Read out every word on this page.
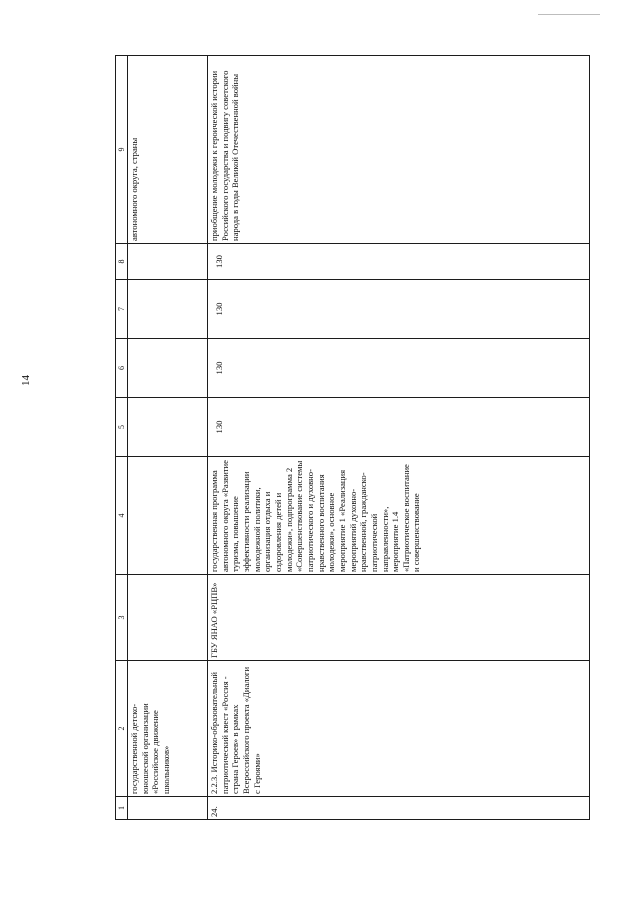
14
1	2	3	4	5	6	7	8	9
	государственной детско-юношеской организации «Российское движение школьников»							автономного округа, страны
24.	2.2.3. Историко-образовательный патриотический квест «Россия - страна Героев» в рамках Всероссийского проекта «Диалоги с Героями»	ГБУ ЯНАО «РЦПВ»	государственная программа автономного округа «Развитие туризма, повышение эффективности реализации молодежной политики, организация отдыха и оздоровления детей и молодежи», подпрограмма 2 «Совершенствование системы патриотического и духовно-нравственного воспитания молодежи», основное мероприятие 1 «Реализация мероприятий духовно-нравственной, гражданско-патриотической направленности», мероприятие 1.4 «Патриотическое воспитание и совершенствование	130	130	130	130	приобщение молодежи к героической истории Российского государства и подвигу советского народа в годы Великой Отечественной войны
